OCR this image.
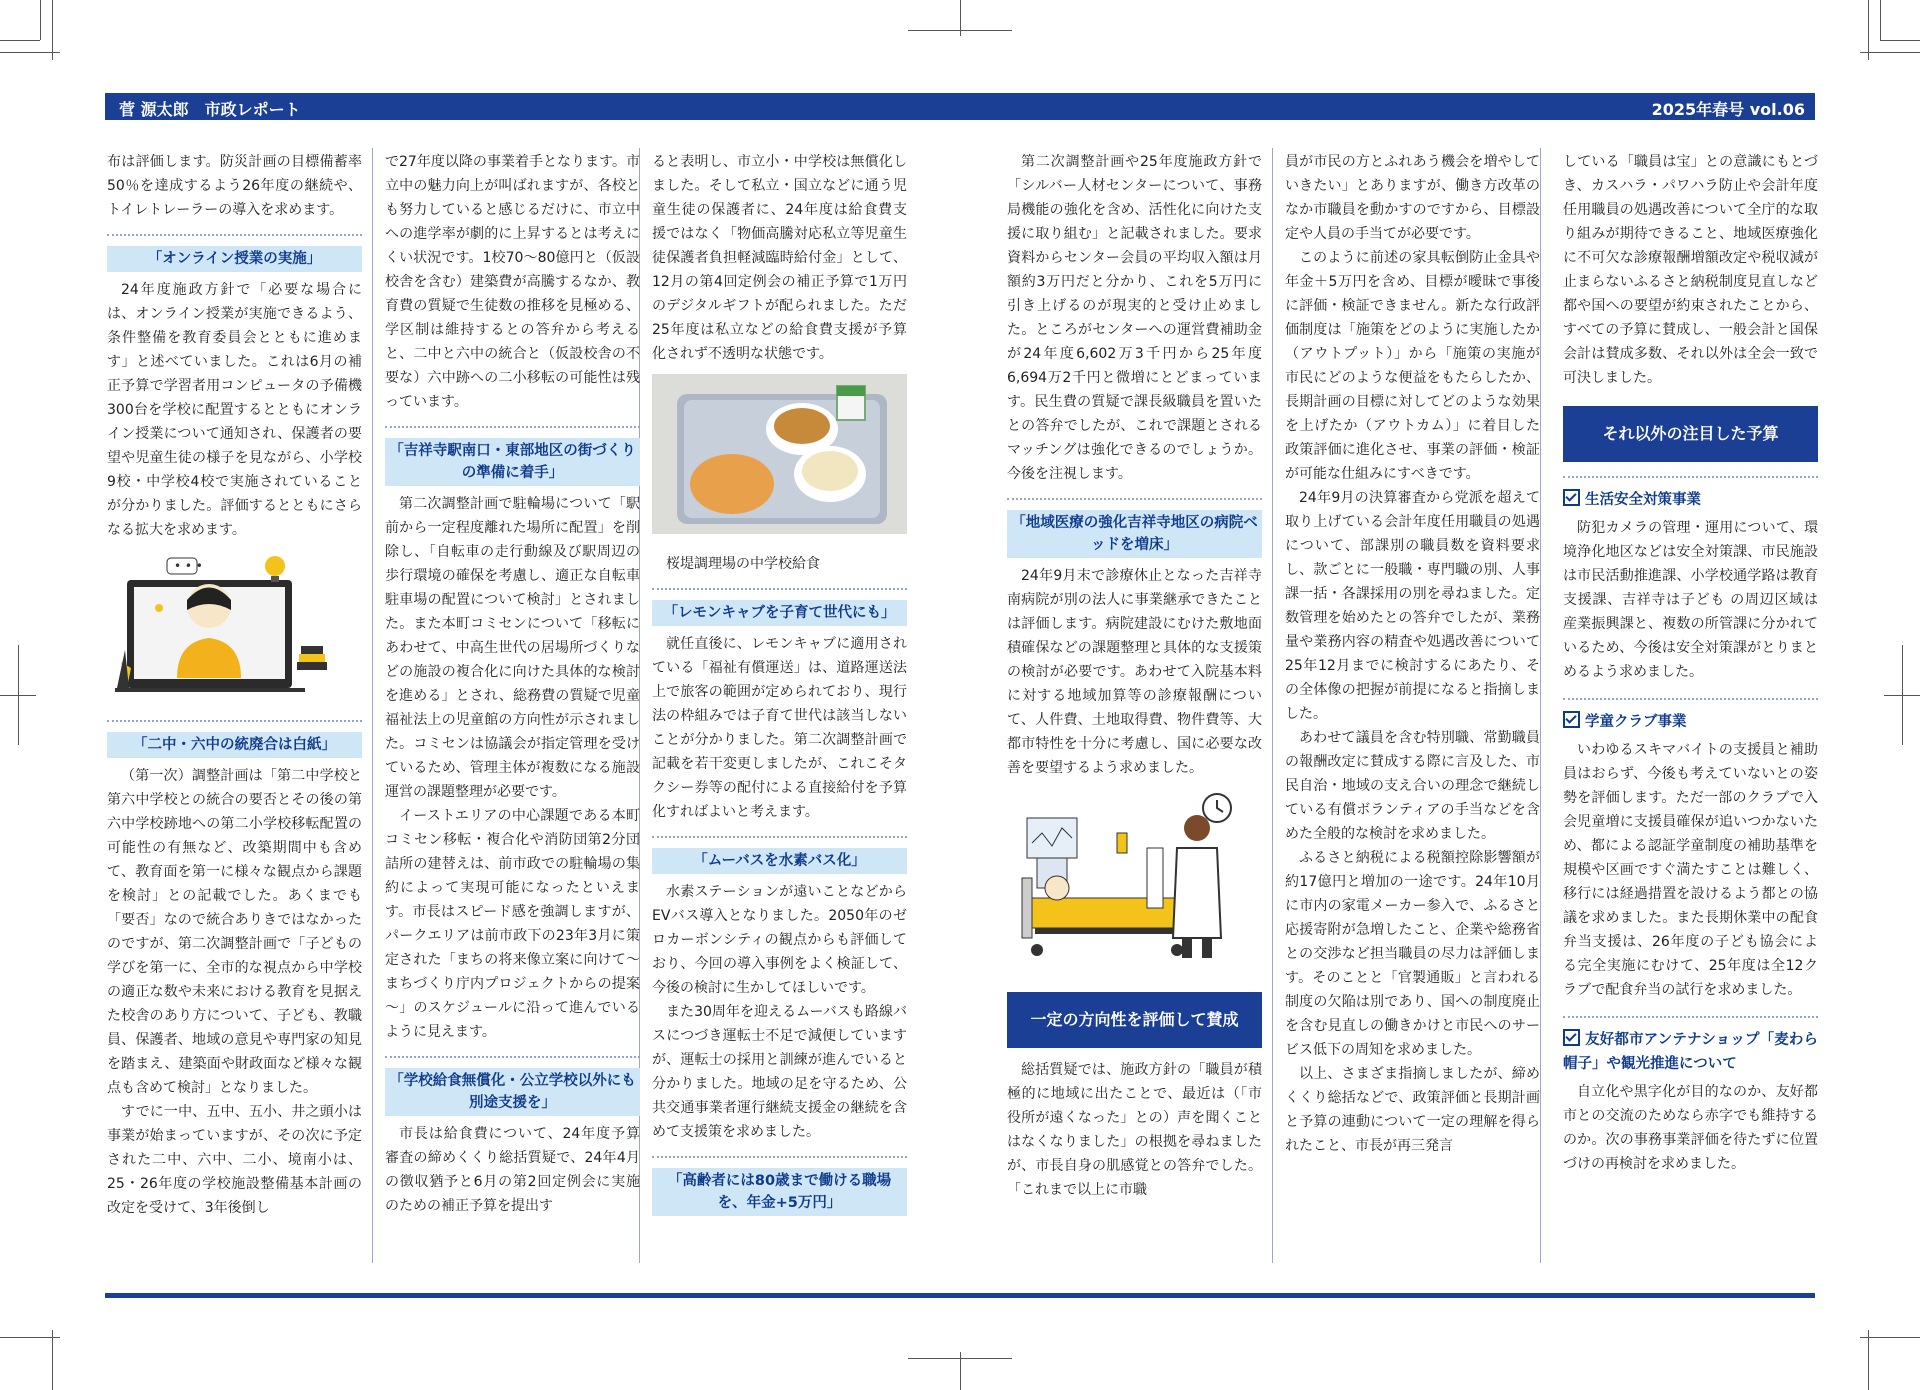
菅 源太郎　市政レポート	2025年春号 vol.06

布は評価します。防災計画の目標備蓄率50％を達成するよう26年度の継続や、トイレトレーラーの導入を求めます。

「オンライン授業の実施」

24年度施政方針で「必要な場合には、オンライン授業が実施できるよう、条件整備を教育委員会とともに進めます」と述べていました。これは6月の補正予算で学習者用コンピュータの予備機300台を学校に配置するとともにオンライン授業について通知され、保護者の要望や児童生徒の様子を見ながら、小学校9校・中学校4校で実施されていることが分かりました。評価するとともにさらなる拡大を求めます。

• • •
「二中・六中の統廃合は白紙」

（第一次）調整計画は「第二中学校と第六中学校との統合の要否とその後の第六中学校跡地への第二小学校移転配置の可能性の有無など、改築期間中も含めて、教育面を第一に様々な観点から課題を検討」との記載でした。あくまでも「要否」なので統合ありきではなかったのですが、第二次調整計画で「子どもの学びを第一に、全市的な視点から中学校の適正な数や未来における教育を見据えた校舎のあり方について、子ども、教職員、保護者、地域の意見や専門家の知見を踏まえ、建築面や財政面など様々な観点も含めて検討」となりました。

すでに一中、五中、五小、井之頭小は事業が始まっていますが、その次に予定された二中、六中、二小、境南小は、25・26年度の学校施設整備基本計画の改定を受けて、3年後倒し

で27年度以降の事業着手となります。市立中の魅力向上が叫ばれますが、各校とも努力していると感じるだけに、市立中への進学率が劇的に上昇するとは考えにくい状況です。1校70～80億円と（仮設校舎を含む）建築費が高騰するなか、教育費の質疑で生徒数の推移を見極める、学区制は維持するとの答弁から考えると、二中と六中の統合と（仮設校舎の不要な）六中跡への二小移転の可能性は残っています。

「吉祥寺駅南口・東部地区の街づくりの準備に着手」

第二次調整計画で駐輪場について「駅前から一定程度離れた場所に配置」を削除し、「自転車の走行動線及び駅周辺の歩行環境の確保を考慮し、適正な自転車駐車場の配置について検討」とされました。また本町コミセンについて「移転にあわせて、中高生世代の居場所づくりなどの施設の複合化に向けた具体的な検討を進める」とされ、総務費の質疑で児童福祉法上の児童館の方向性が示されました。コミセンは協議会が指定管理を受けているため、管理主体が複数になる施設運営の課題整理が必要です。

イーストエリアの中心課題である本町コミセン移転・複合化や消防団第2分団詰所の建替えは、前市政での駐輪場の集約によって実現可能になったといえます。市長はスピード感を強調しますが、パークエリアは前市政下の23年3月に策定された「まちの将来像立案に向けて～まちづくり庁内プロジェクトからの提案～」のスケジュールに沿って進んでいるように見えます。

「学校給食無償化・公立学校以外にも別途支援を」

市長は給食費について、24年度予算審査の締めくくり総括質疑で、24年4月の徴収猶予と6月の第2回定例会に実施のための補正予算を提出す

ると表明し、市立小・中学校は無償化しました。そして私立・国立などに通う児童生徒の保護者に、24年度は給食費支援ではなく「物価高騰対応私立等児童生徒保護者負担軽減臨時給付金」として、12月の第4回定例会の補正予算で1万円のデジタルギフトが配られました。ただ25年度は私立などの給食費支援が予算化されず不透明な状態です。

桜堤調理場の中学校給食

「レモンキャブを子育て世代にも」

就任直後に、レモンキャブに適用されている「福祉有償運送」は、道路運送法上で旅客の範囲が定められており、現行法の枠組みでは子育て世代は該当しないことが分かりました。第二次調整計画で記載を若干変更しましたが、これこそタクシー券等の配付による直接給付を予算化すればよいと考えます。

「ムーバスを水素バス化」

水素ステーションが遠いことなどからEVバス導入となりました。2050年のゼロカーボンシティの観点からも評価しており、今回の導入事例をよく検証して、今後の検討に生かしてほしいです。

また30周年を迎えるムーバスも路線バスにつづき運転士不足で減便していますが、運転士の採用と訓練が進んでいると分かりました。地域の足を守るため、公共交通事業者運行継続支援金の継続を含めて支援策を求めました。

「高齢者には80歳まで働ける職場を、年金+5万円」

第二次調整計画や25年度施政方針で「シルバー人材センターについて、事務局機能の強化を含め、活性化に向けた支援に取り組む」と記載されました。要求資料からセンター会員の平均収入額は月額約3万円だと分かり、これを5万円に引き上げるのが現実的と受け止めました。ところがセンターへの運営費補助金が24年度6,602万3千円から25年度6,694万2千円と微増にとどまっています。民生費の質疑で課長級職員を置いたとの答弁でしたが、これで課題とされるマッチングは強化できるのでしょうか。今後を注視します。

「地域医療の強化吉祥寺地区の病院ベッドを増床」

24年9月末で診療休止となった吉祥寺南病院が別の法人に事業継承できたことは評価します。病院建設にむけた敷地面積確保などの課題整理と具体的な支援策の検討が必要です。あわせて入院基本料に対する地域加算等の診療報酬について、人件費、土地取得費、物件費等、大都市特性を十分に考慮し、国に必要な改善を要望するよう求めました。

一定の方向性を評価して賛成

総括質疑では、施政方針の「職員が積極的に地域に出たことで、最近は（「市役所が遠くなった」との）声を聞くことはなくなりました」の根拠を尋ねましたが、市長自身の肌感覚との答弁でした。「これまで以上に市職

員が市民の方とふれあう機会を増やしていきたい」とありますが、働き方改革のなか市職員を動かすのですから、目標設定や人員の手当てが必要です。

このように前述の家具転倒防止金具や年金＋5万円を含め、目標が曖昧で事後に評価・検証できません。新たな行政評価制度は「施策をどのように実施したか（アウトプット）」から「施策の実施が市民にどのような便益をもたらしたか、長期計画の目標に対してどのような効果を上げたか（アウトカム）」に着目した政策評価に進化させ、事業の評価・検証が可能な仕組みにすべきです。

24年9月の決算審査から党派を超えて取り上げている会計年度任用職員の処遇について、部課別の職員数を資料要求し、款ごとに一般職・専門職の別、人事課一括・各課採用の別を尋ねました。定数管理を始めたとの答弁でしたが、業務量や業務内容の精査や処遇改善について25年12月までに検討するにあたり、その全体像の把握が前提になると指摘しました。

あわせて議員を含む特別職、常勤職員の報酬改定に賛成する際に言及した、市民自治・地域の支え合いの理念で継続している有償ボランティアの手当などを含めた全般的な検討を求めました。

ふるさと納税による税額控除影響額が約17億円と増加の一途です。24年10月に市内の家電メーカー参入で、ふるさと応援寄附が急増したこと、企業や総務省との交渉など担当職員の尽力は評価します。そのことと「官製通販」と言われる制度の欠陥は別であり、国への制度廃止を含む見直しの働きかけと市民へのサービス低下の周知を求めました。

以上、さまざま指摘しましたが、締めくくり総括などで、政策評価と長期計画と予算の連動について一定の理解を得られたこと、市長が再三発言

している「職員は宝」との意識にもとづき、カスハラ・パワハラ防止や会計年度任用職員の処遇改善について全庁的な取り組みが期待できること、地域医療強化に不可欠な診療報酬増額改定や税収減が止まらないふるさと納税制度見直しなど都や国への要望が約束されたことから、すべての予算に賛成し、一般会計と国保会計は賛成多数、それ以外は全会一致で可決しました。

それ以外の注目した予算
生活安全対策事業

防犯カメラの管理・運用について、環境浄化地区などは安全対策課、市民施設は市民活動推進課、小学校通学路は教育支援課、吉祥寺は子ども の周辺区域は産業振興課と、複数の所管課に分かれているため、今後は安全対策課がとりまとめるよう求めました。

学童クラブ事業

いわゆるスキマバイトの支援員と補助員はおらず、今後も考えていないとの姿勢を評価します。ただ一部のクラブで入会児童増に支援員確保が追いつかないため、都による認証学童制度の補助基準を規模や区画ですぐ満たすことは難しく、移行には経過措置を設けるよう都との協議を求めました。また長期休業中の配食弁当支援は、26年度の子ども協会による完全実施にむけて、25年度は全12クラブで配食弁当の試行を求めました。

友好都市アンテナショップ「麦わら帽子」や観光推進について

自立化や黒字化が目的なのか、友好都市との交流のためなら赤字でも維持するのか。次の事務事業評価を待たずに位置づけの再検討を求めました。
